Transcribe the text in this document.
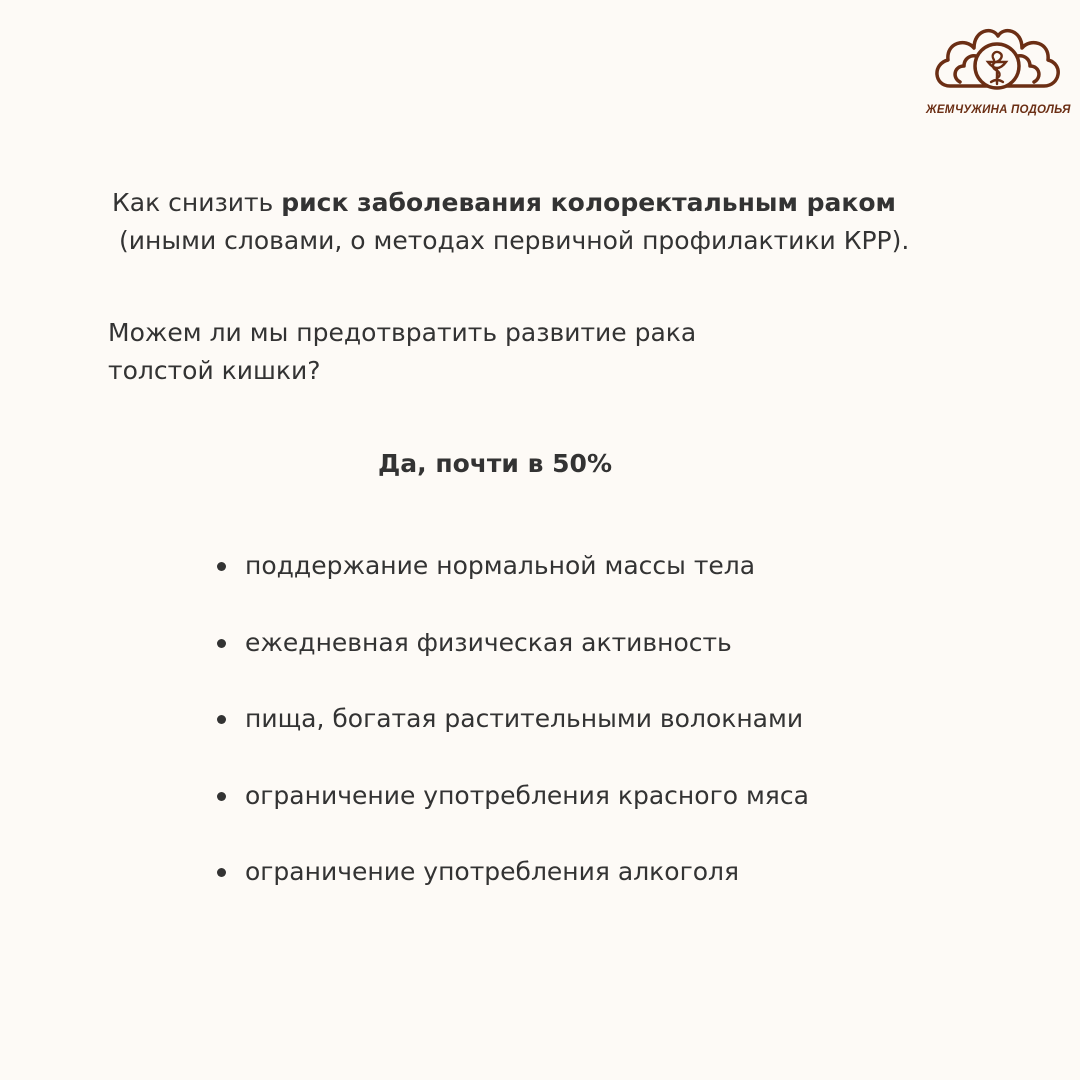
ЖЕМЧУЖИНА ПОДОЛЬЯ
Как снизить риск заболевания колоректальным раком
(иными словами, о методах первичной профилактики КРР).
Можем ли мы предотвратить развитие рака
толстой кишки?
Да, почти в 50%
поддержание нормальной массы тела
ежедневная физическая активность
пища, богатая растительными волокнами
ограничение употребления красного мяса
ограничение употребления алкоголя
